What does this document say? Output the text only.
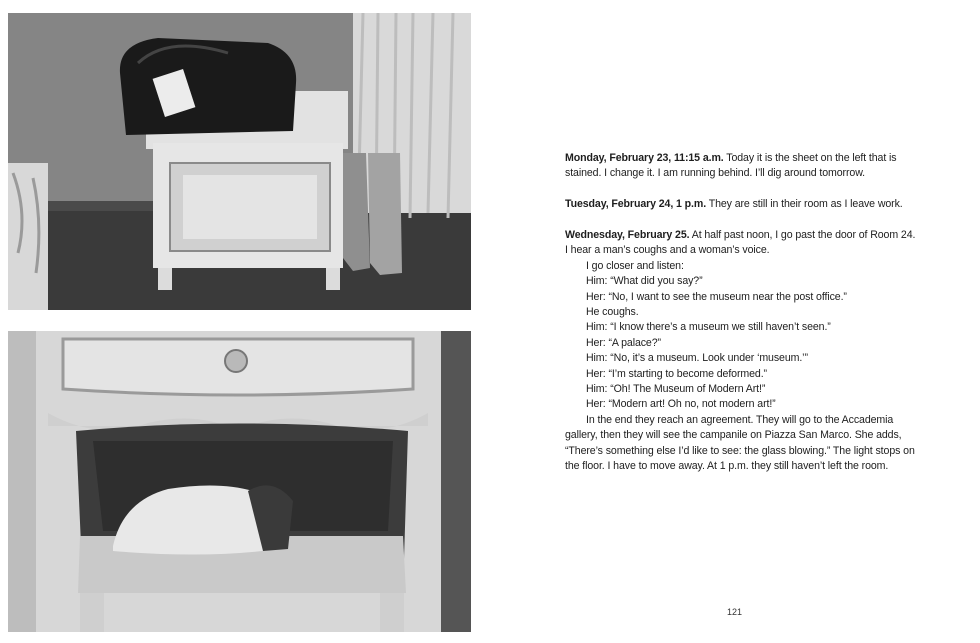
Monday, February 23, 11:15 a.m. Today it is the sheet on the left that is stained. I change it. I am running behind. I’ll dig around tomorrow.

Tuesday, February 24, 1 p.m. They are still in their room as I leave work.

Wednesday, February 25. At half past noon, I go past the door of Room 24. I hear a man’s coughs and a woman’s voice.

I go closer and listen:

Him: “What did you say?”

Her: “No, I want to see the museum near the post office.”

He coughs.

Him: “I know there’s a museum we still haven’t seen.”

Her: “A palace?”

Him: “No, it’s a museum. Look under ‘museum.’”

Her: “I’m starting to become deformed.”

Him: “Oh! The Museum of Modern Art!”

Her: “Modern art! Oh no, not modern art!”

In the end they reach an agreement. They will go to the Accademia gallery, then they will see the campanile on Piazza San Marco. She adds, “There’s something else I’d like to see: the glass blowing.” The light stops on the floor. I have to move away. At 1 p.m. they still haven’t left the room.

121
